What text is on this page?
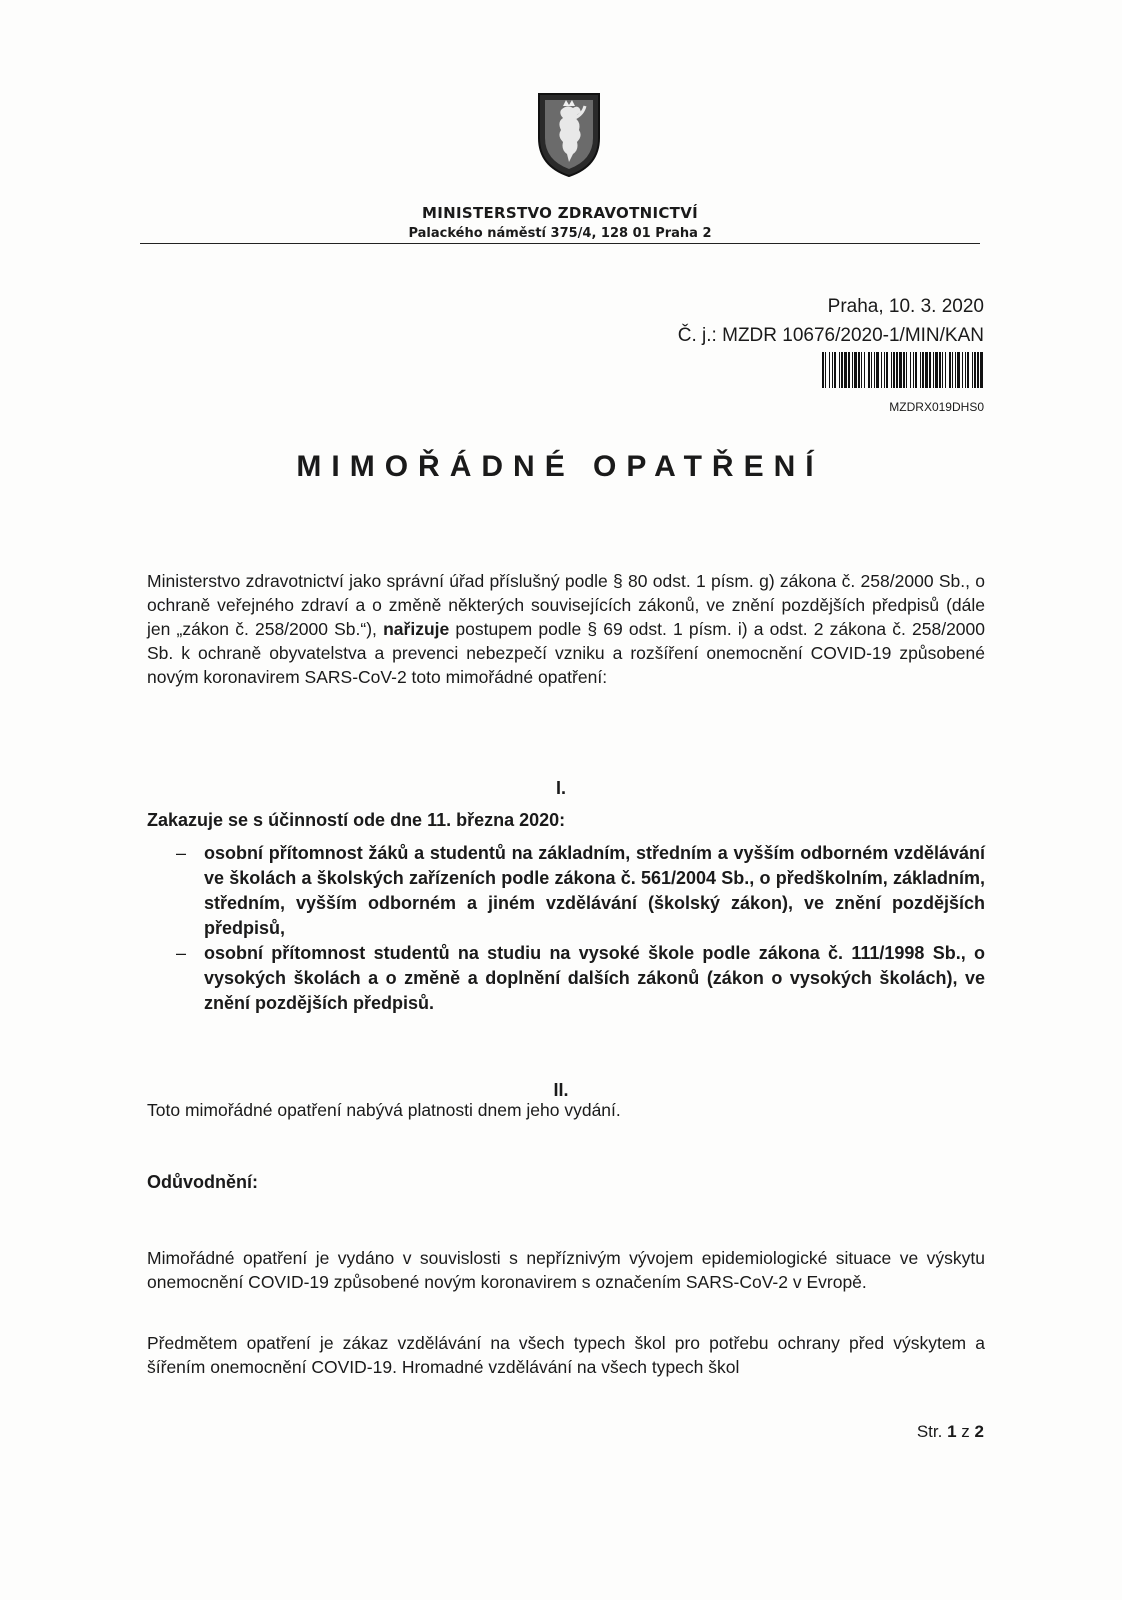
MINISTERSTVO ZDRAVOTNICTVÍ
Palackého náměstí 375/4, 128 01 Praha 2
Praha, 10. 3. 2020
Č. j.: MZDR 10676/2020-1/MIN/KAN
MZDRX019DHS0
MIMOŘÁDNÉ OPATŘENÍ

Ministerstvo zdravotnictví jako správní úřad příslušný podle § 80 odst. 1 písm. g) zákona č. 258/2000 Sb., o ochraně veřejného zdraví a o změně některých souvisejících zákonů, ve znění pozdějších předpisů (dále jen „zákon č. 258/2000 Sb.“), nařizuje postupem podle § 69 odst. 1 písm. i) a odst. 2 zákona č. 258/2000 Sb. k ochraně obyvatelstva a prevenci nebezpečí vzniku a rozšíření onemocnění COVID-19 způsobené novým koronavirem SARS-CoV-2 toto mimořádné opatření:

I.
Zakazuje se s účinností ode dne 11. března 2020:
– osobní přítomnost žáků a studentů na základním, středním a vyšším odborném vzdělávání ve školách a školských zařízeních podle zákona č. 561/2004 Sb., o předškolním, základním, středním, vyšším odborném a jiném vzdělávání (školský zákon), ve znění pozdějších předpisů,
– osobní přítomnost studentů na studiu na vysoké škole podle zákona č. 111/1998 Sb., o vysokých školách a o změně a doplnění dalších zákonů (zákon o vysokých školách), ve znění pozdějších předpisů.
II.
Toto mimořádné opatření nabývá platnosti dnem jeho vydání.
Odůvodnění:

Mimořádné opatření je vydáno v souvislosti s nepříznivým vývojem epidemiologické situace ve výskytu onemocnění COVID-19 způsobené novým koronavirem s označením SARS-CoV-2 v Evropě.

Předmětem opatření je zákaz vzdělávání na všech typech škol pro potřebu ochrany před výskytem a šířením onemocnění COVID-19. Hromadné vzdělávání na všech typech škol

Str. 1 z 2
